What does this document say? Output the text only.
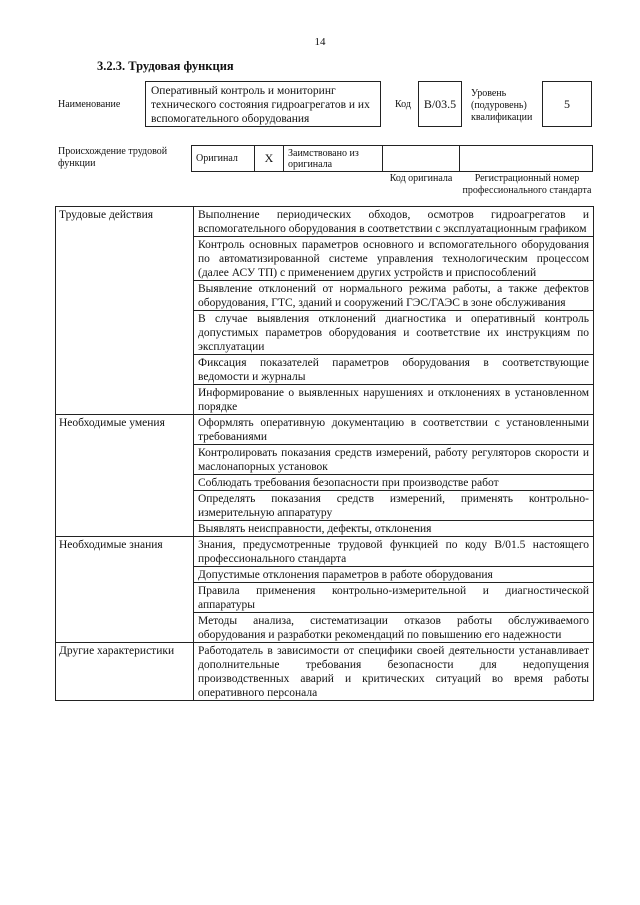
14
3.2.3. Трудовая функция
Наименование
Оперативный контроль и мониторинг технического состояния гидроагрегатов и их вспомогательного оборудования
Код	В/03.5
Уровень (подуровень) квалификации
5
Происхождение трудовой функции	Оригинал	X	Заимствовано из оригинала		
Код оригинала	Регистрационный номер профессионального стандарта
Трудовые действия	Выполнение периодических обходов, осмотров гидроагрегатов и вспомогательного оборудования в соответствии с эксплуатационным графиком
	Контроль основных параметров основного и вспомогательного оборудования по автоматизированной системе управления технологическим процессом (далее АСУ ТП) с применением других устройств и приспособлений
	Выявление отклонений от нормального режима работы, а также дефектов оборудования, ГТС, зданий и сооружений ГЭС/ГАЭС в зоне обслуживания
	В случае выявления отклонений диагностика и оперативный контроль допустимых параметров оборудования и соответствие их инструкциям по эксплуатации
	Фиксация показателей параметров оборудования в соответствующие ведомости и журналы
	Информирование о выявленных нарушениях и отклонениях в установленном порядке
Необходимые умения	Оформлять оперативную документацию в соответствии с установленными требованиями
	Контролировать показания средств измерений, работу регуляторов скорости и маслонапорных установок
	Соблюдать требования безопасности при производстве работ
	Определять показания средств измерений, применять контрольно-измерительную аппаратуру
	Выявлять неисправности, дефекты, отклонения
Необходимые знания	Знания, предусмотренные трудовой функцией по коду В/01.5 настоящего профессионального стандарта
	Допустимые отклонения параметров в работе оборудования
	Правила применения контрольно-измерительной и диагностической аппаратуры
	Методы анализа, систематизации отказов работы обслуживаемого оборудования и разработки рекомендаций по повышению его надежности
Другие характеристики	Работодатель в зависимости от специфики своей деятельности устанавливает дополнительные требования безопасности для недопущения производственных аварий и критических ситуаций во время работы оперативного персонала
